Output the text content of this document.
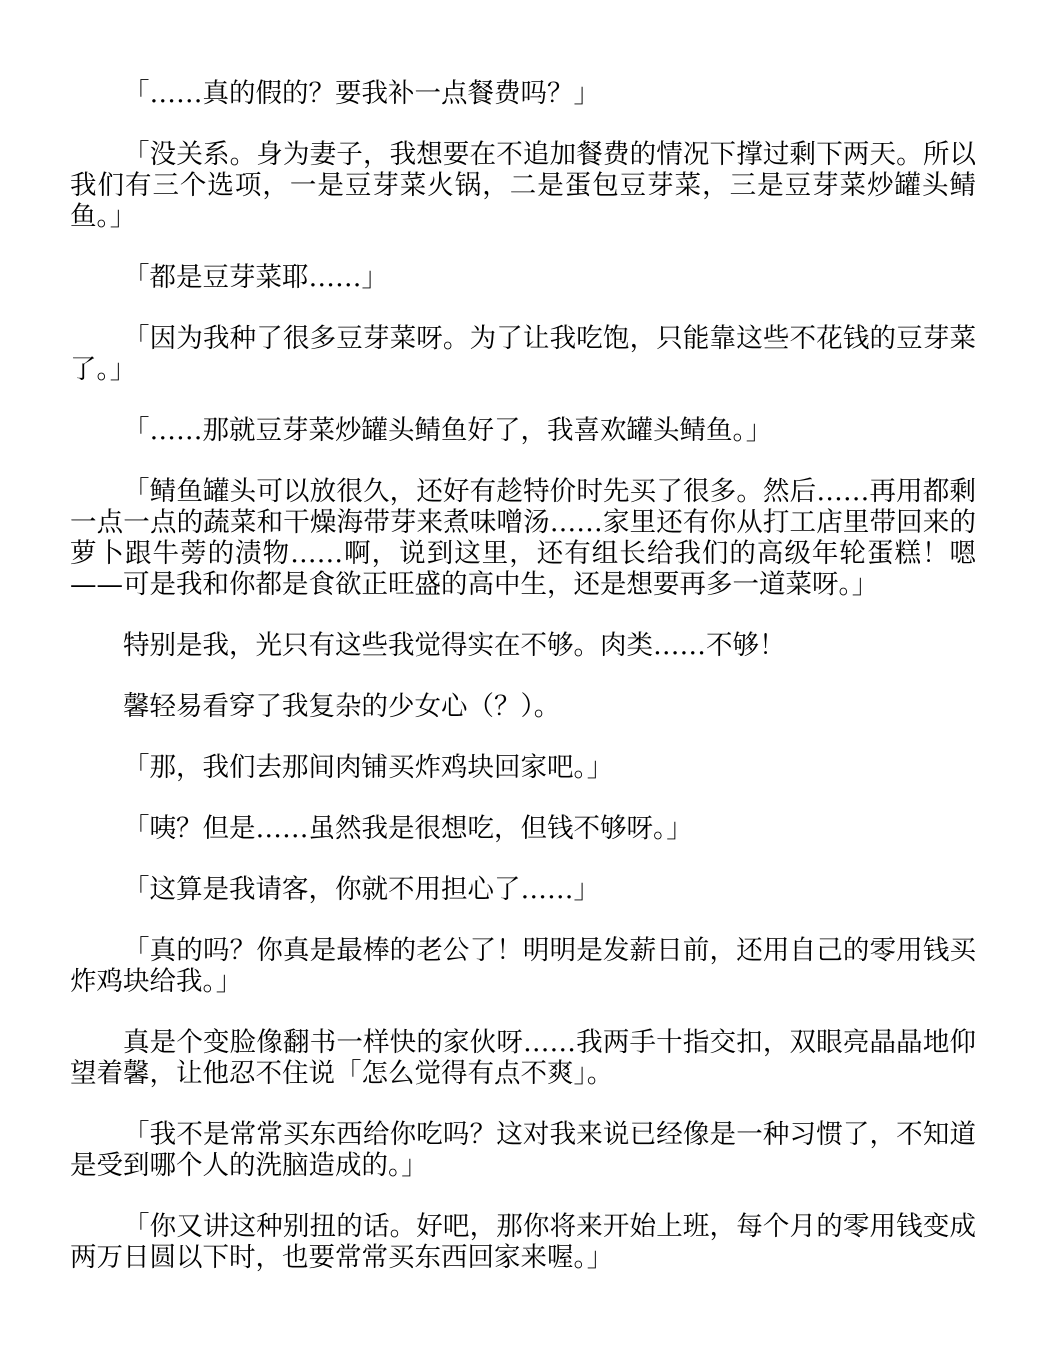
「……真的假的？要我补一点餐费吗？」

「没关系。身为妻子，我想要在不追加餐费的情况下撑过剩下两天。所以我们有三个选项，一是豆芽菜火锅，二是蛋包豆芽菜，三是豆芽菜炒罐头鲭鱼。」

「都是豆芽菜耶……」

「因为我种了很多豆芽菜呀。为了让我吃饱，只能靠这些不花钱的豆芽菜了。」

「……那就豆芽菜炒罐头鲭鱼好了，我喜欢罐头鲭鱼。」

「鲭鱼罐头可以放很久，还好有趁特价时先买了很多。然后……再用都剩一点一点的蔬菜和干燥海带芽来煮味噌汤……家里还有你从打工店里带回来的萝卜跟牛蒡的渍物……啊，说到这里，还有组长给我们的高级年轮蛋糕！嗯——可是我和你都是食欲正旺盛的高中生，还是想要再多一道菜呀。」

特别是我，光只有这些我觉得实在不够。肉类……不够！

馨轻易看穿了我复杂的少女心（？）。

「那，我们去那间肉铺买炸鸡块回家吧。」

「咦？但是……虽然我是很想吃，但钱不够呀。」

「这算是我请客，你就不用担心了……」

「真的吗？你真是最棒的老公了！明明是发薪日前，还用自己的零用钱买炸鸡块给我。」

真是个变脸像翻书一样快的家伙呀……我两手十指交扣，双眼亮晶晶地仰望着馨，让他忍不住说「怎么觉得有点不爽」。

「我不是常常买东西给你吃吗？这对我来说已经像是一种习惯了，不知道是受到哪个人的洗脑造成的。」

「你又讲这种别扭的话。好吧，那你将来开始上班，每个月的零用钱变成两万日圆以下时，也要常常买东西回家来喔。」
